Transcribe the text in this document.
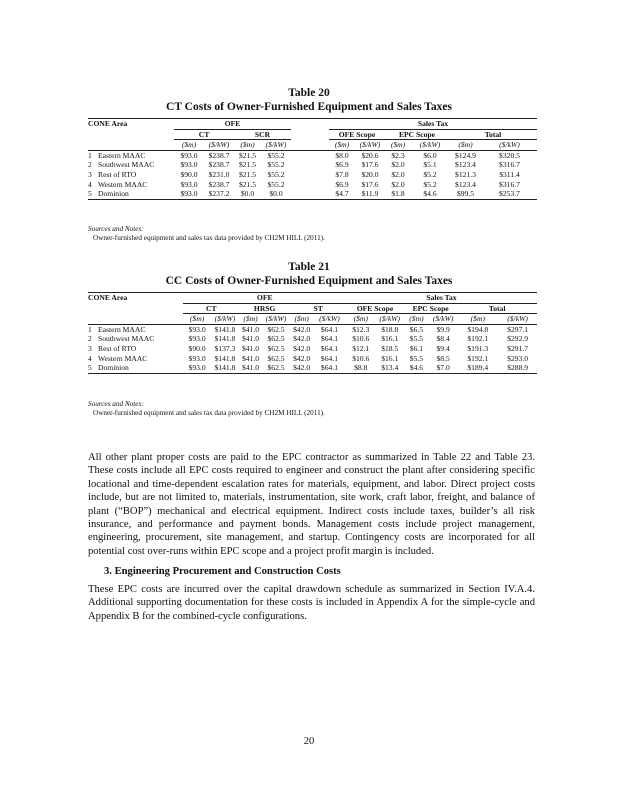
Table 20
CT Costs of Owner-Furnished Equipment and Sales Taxes
CONE Area	OFE					Sales Tax					
	CT		SCR			OFE Scope		EPC Scope		Total	
	($m)	($/kW)	($m)	($/kW)		($m)	($/kW)	($m)	($/kW)	($m)	($/kW)
1 Eastern MAAC	$93.0	$238.7	$21.5	$55.2		$8.0	$20.6	$2.3	$6.0	$124.9	$320.5
2 Southwest MAAC	$93.0	$238.7	$21.5	$55.2		$6.9	$17.6	$2.0	$5.1	$123.4	$316.7
3 Rest of RTO	$90.0	$231.0	$21.5	$55.2		$7.8	$20.0	$2.0	$5.2	$121.3	$311.4
4 Western MAAC	$93.0	$238.7	$21.5	$55.2		$6.9	$17.6	$2.0	$5.2	$123.4	$316.7
5 Dominion	$93.0	$237.2	$0.0	$0.0		$4.7	$11.9	$1.8	$4.6	$99.5	$253.7
Sources and Notes:
Owner-furnished equipment and sales tax data provided by CH2M HILL (2011).
Table 21
CC Costs of Owner-Furnished Equipment and Sales Taxes
CONE Area	OFE						Sales Tax					
	CT		HRSG		ST		OFE Scope		EPC Scope		Total	
	($m)	($/kW)	($m)	($/kW)	($m)	($/kW)	($m)	($/kW)	($m)	($/kW)	($m)	($/kW)
1 Eastern MAAC	$93.0	$141.8	$41.0	$62.5	$42.0	$64.1	$12.3	$18.8	$6.5	$9.9	$194.8	$297.1
2 Southwest MAAC	$93.0	$141.8	$41.0	$62.5	$42.0	$64.1	$10.6	$16.1	$5.5	$8.4	$192.1	$292.9
3 Rest of RTO	$90.0	$137.3	$41.0	$62.5	$42.0	$64.1	$12.1	$18.5	$6.1	$9.4	$191.3	$291.7
4 Western MAAC	$93.0	$141.8	$41.0	$62.5	$42.0	$64.1	$10.6	$16.1	$5.5	$8.5	$192.1	$293.0
5 Dominion	$93.0	$141.8	$41.0	$62.5	$42.0	$64.1	$8.8	$13.4	$4.6	$7.0	$189.4	$288.9
Sources and Notes:
Owner-furnished equipment and sales tax data provided by CH2M HILL (2011).
3. Engineering Procurement and Construction Costs
All other plant proper costs are paid to the EPC contractor as summarized in Table 22 and Table 23. These costs include all EPC costs required to engineer and construct the plant after considering specific locational and time-dependent escalation rates for materials, equipment, and labor. Direct project costs include, but are not limited to, materials, instrumentation, site work, craft labor, freight, and balance of plant (“BOP”) mechanical and electrical equipment. Indirect costs include taxes, builder’s all risk insurance, and performance and payment bonds. Management costs include project management, engineering, procurement, site management, and startup. Contingency costs are incorporated for all potential cost over-runs within EPC scope and a project profit margin is included.
These EPC costs are incurred over the capital drawdown schedule as summarized in Section IV.A.4. Additional supporting documentation for these costs is included in Appendix A for the simple-cycle and Appendix B for the combined-cycle configurations.
20
